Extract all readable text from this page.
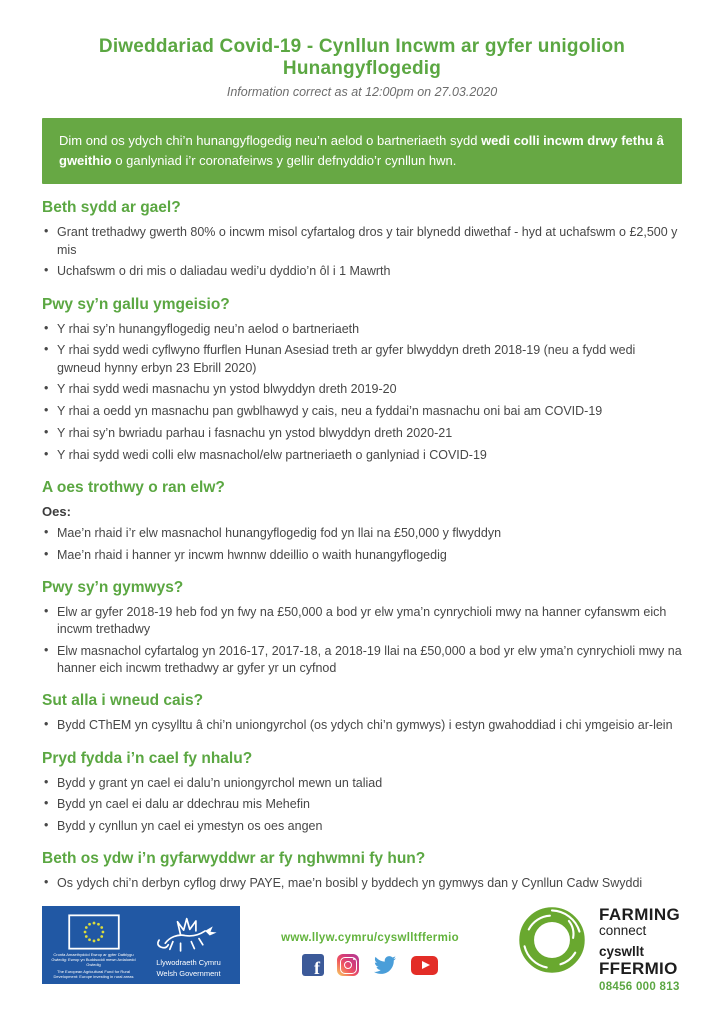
Diweddariad Covid-19 - Cynllun Incwm ar gyfer unigolion Hunangyflogedig
Information correct as at 12:00pm on 27.03.2020
Dim ond os ydych chi’n hunangyflogedig neu’n aelod o bartneriaeth sydd wedi colli incwm drwy fethu â gweithio o ganlyniad i’r coronafeirws y gellir defnyddio’r cynllun hwn.
Beth sydd ar gael?
• Grant trethadwy gwerth 80% o incwm misol cyfartalog dros y tair blynedd diwethaf - hyd at uchafswm o £2,500 y mis
• Uchafswm o dri mis o daliadau wedi’u dyddio’n ôl i 1 Mawrth
Pwy sy’n gallu ymgeisio?
• Y rhai sy’n hunangyflogedig neu’n aelod o bartneriaeth
• Y rhai sydd wedi cyflwyno ffurflen Hunan Asesiad treth ar gyfer blwyddyn dreth 2018-19 (neu a fydd wedi gwneud hynny erbyn 23 Ebrill 2020)
• Y rhai sydd wedi masnachu yn ystod blwyddyn dreth 2019-20
• Y rhai a oedd yn masnachu pan gwblhawyd y cais, neu a fyddai’n masnachu oni bai am COVID-19
• Y rhai sy’n bwriadu parhau i fasnachu yn ystod blwyddyn dreth 2020-21
• Y rhai sydd wedi colli elw masnachol/elw partneriaeth o ganlyniad i COVID-19
A oes trothwy o ran elw?
Oes:
• Mae’n rhaid i’r elw masnachol hunangyflogedig fod yn llai na £50,000 y flwyddyn
• Mae’n rhaid i hanner yr incwm hwnnw ddeillio o waith hunangyflogedig
Pwy sy’n gymwys?
• Elw ar gyfer 2018-19 heb fod yn fwy na £50,000 a bod yr elw yma’n cynrychioli mwy na hanner cyfanswm eich incwm trethadwy
• Elw masnachol cyfartalog yn 2016-17, 2017-18, a 2018-19 llai na £50,000 a bod yr elw yma’n cynrychioli mwy na hanner eich incwm trethadwy ar gyfer yr un cyfnod
Sut alla i wneud cais?
• Bydd CThEM yn cysylltu â chi’n uniongyrchol (os ydych chi’n gymwys) i estyn gwahoddiad i chi ymgeisio ar-lein
Pryd fydda i’n cael fy nhalu?
• Bydd y grant yn cael ei dalu’n uniongyrchol mewn un taliad
• Bydd yn cael ei dalu ar ddechrau mis Mehefin
• Bydd y cynllun yn cael ei ymestyn os oes angen
Beth os ydw i’n gyfarwyddwr ar fy nghwmni fy hun?
• Os ydych chi’n derbyn cyflog drwy PAYE, mae’n bosibl y byddech yn gymwys dan y Cynllun Cadw Swyddi
Cronfa Amaethyddol Ewrop ar gyfer Datblygu Gwledig: Ewrop yn Buddsoddi mewn Ardaloedd Gwledig
The European Agricultural Fund for Rural Development: Europe investing in rural areas
Llywodraeth Cymru
Welsh Government
www.llyw.cymru/cyswlltffermio
f
FARMING
connect
cyswllt
FFERMIO
08456 000 813
